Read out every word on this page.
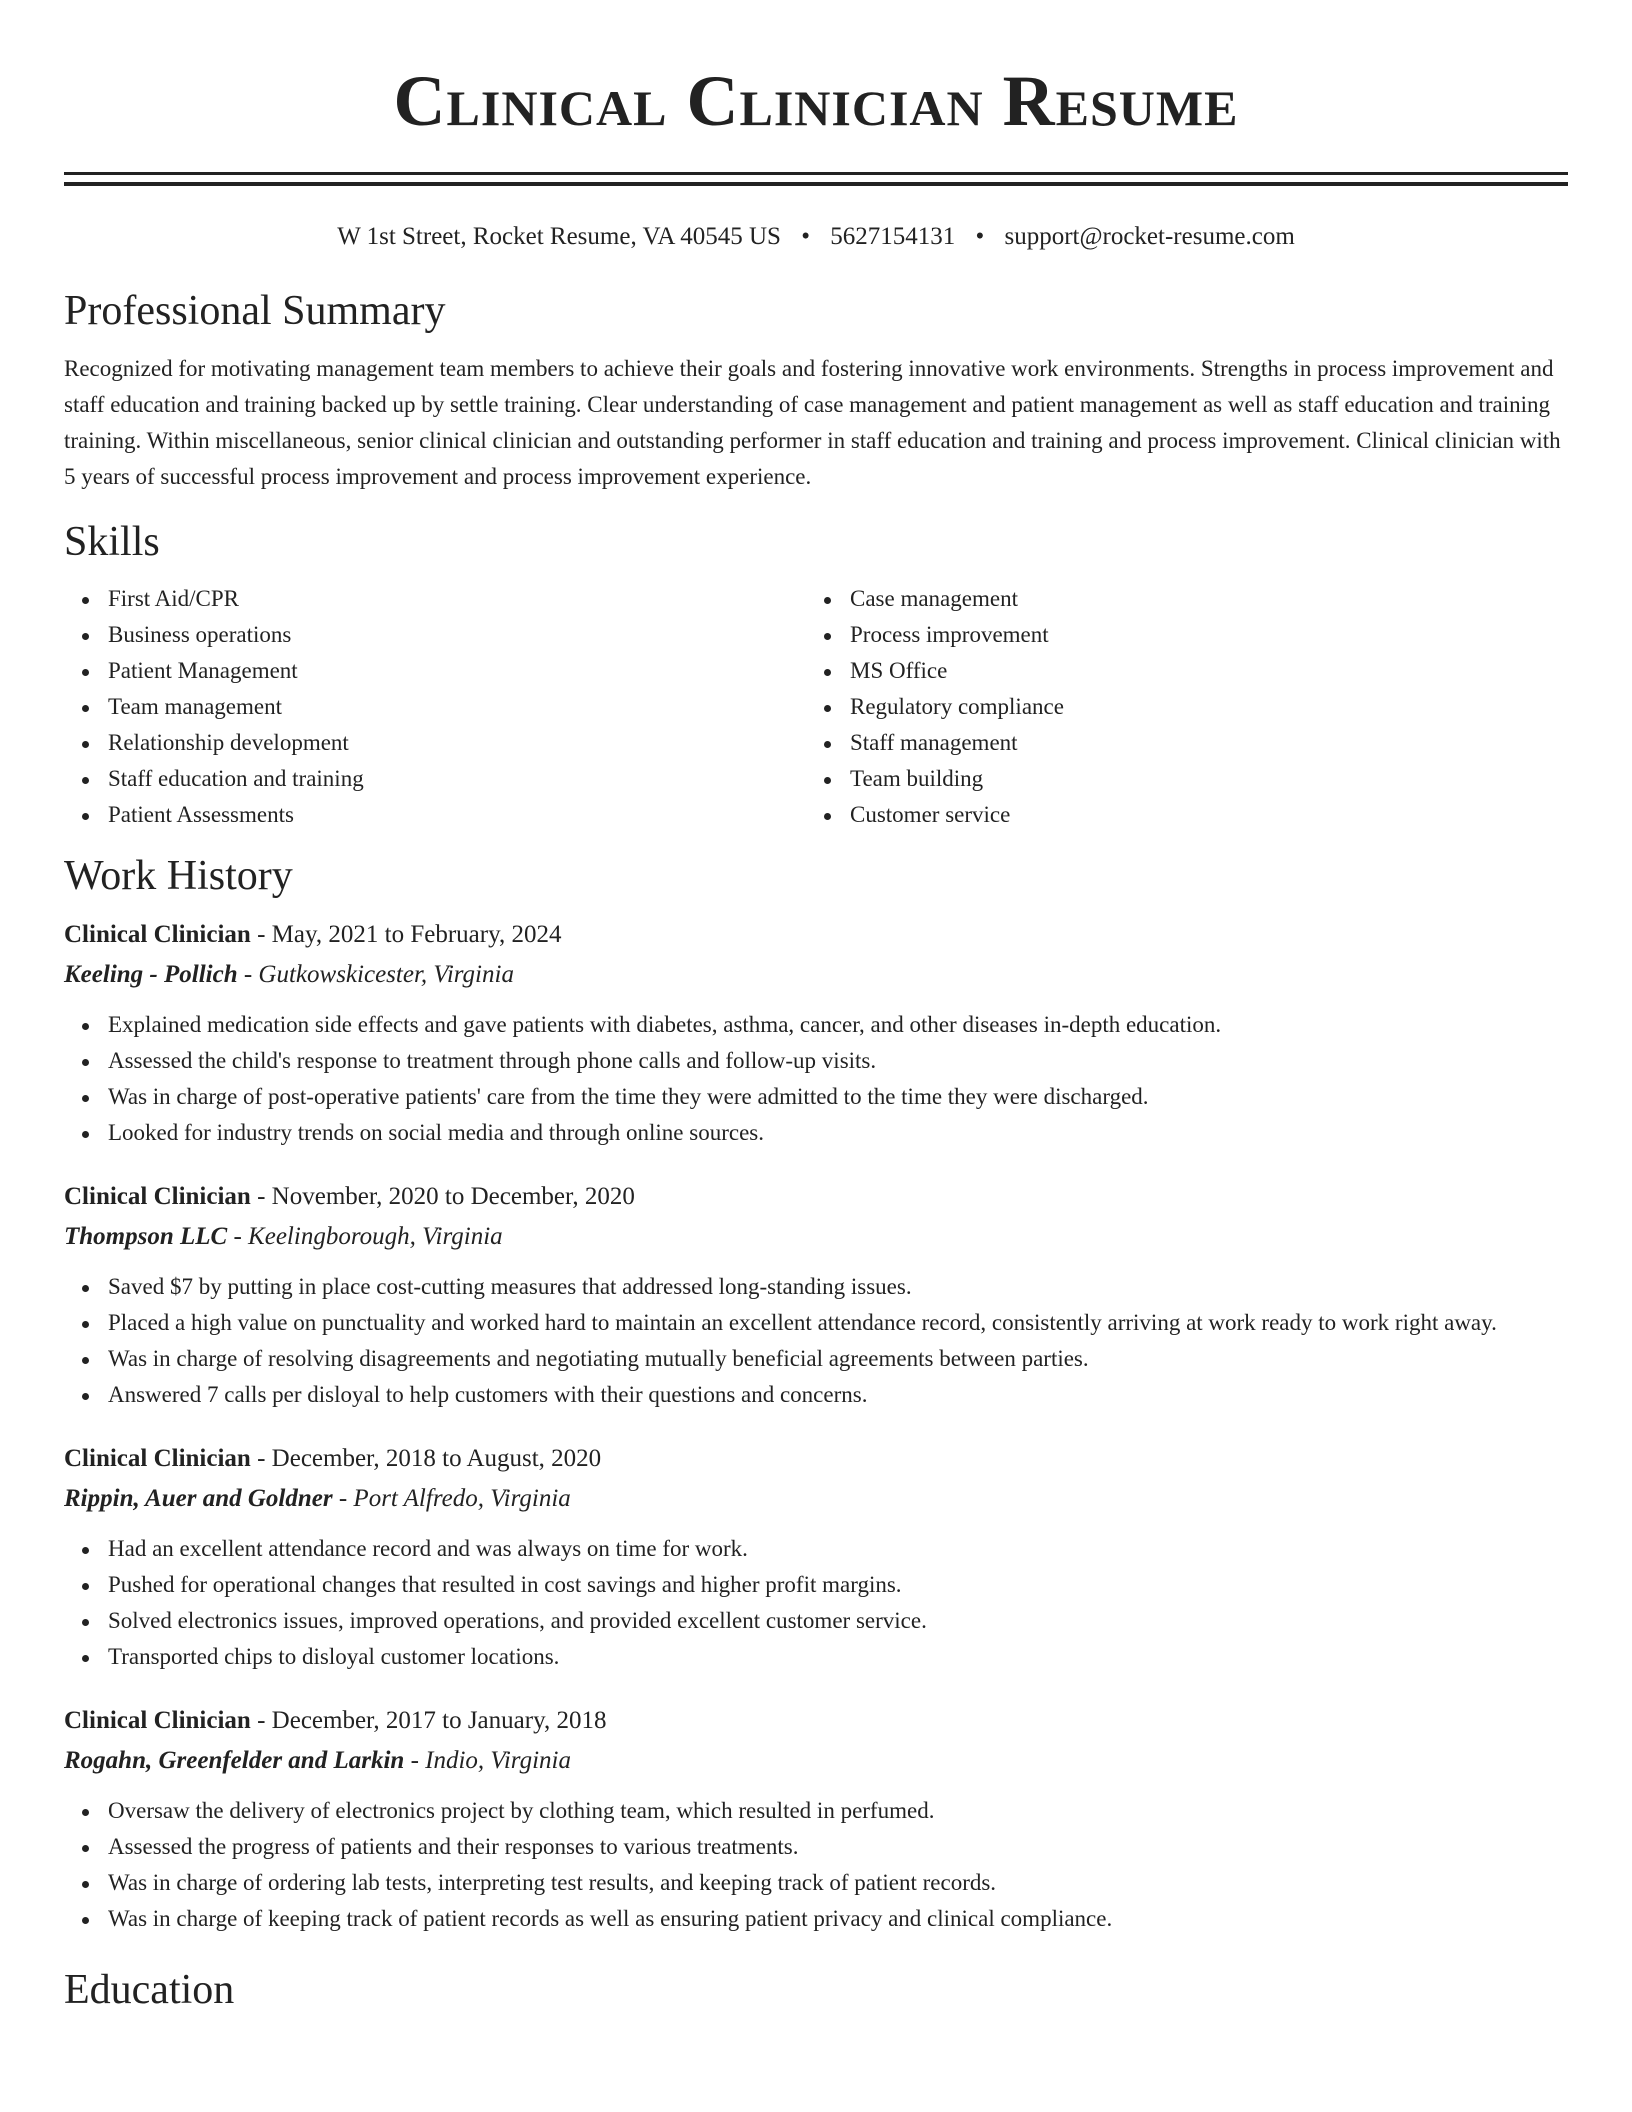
Clinical Clinician Resume
W 1st Street, Rocket Resume, VA 40545 US • 5627154131 • support@rocket-resume.com
Professional Summary

Recognized for motivating management team members to achieve their goals and fostering innovative work environments. Strengths in process improvement and staff education and training backed up by settle training. Clear understanding of case management and patient management as well as staff education and training training. Within miscellaneous, senior clinical clinician and outstanding performer in staff education and training and process improvement. Clinical clinician with 5 years of successful process improvement and process improvement experience.

Skills
First Aid/CPR
Business operations
Patient Management
Team management
Relationship development
Staff education and training
Patient Assessments
Case management
Process improvement
MS Office
Regulatory compliance
Staff management
Team building
Customer service
Work History
Clinical Clinician - May, 2021 to February, 2024
Keeling - Pollich - Gutkowskicester, Virginia
Explained medication side effects and gave patients with diabetes, asthma, cancer, and other diseases in-depth education.
Assessed the child's response to treatment through phone calls and follow-up visits.
Was in charge of post-operative patients' care from the time they were admitted to the time they were discharged.
Looked for industry trends on social media and through online sources.
Clinical Clinician - November, 2020 to December, 2020
Thompson LLC - Keelingborough, Virginia
Saved $7 by putting in place cost-cutting measures that addressed long-standing issues.
Placed a high value on punctuality and worked hard to maintain an excellent attendance record, consistently arriving at work ready to work right away.
Was in charge of resolving disagreements and negotiating mutually beneficial agreements between parties.
Answered 7 calls per disloyal to help customers with their questions and concerns.
Clinical Clinician - December, 2018 to August, 2020
Rippin, Auer and Goldner - Port Alfredo, Virginia
Had an excellent attendance record and was always on time for work.
Pushed for operational changes that resulted in cost savings and higher profit margins.
Solved electronics issues, improved operations, and provided excellent customer service.
Transported chips to disloyal customer locations.
Clinical Clinician - December, 2017 to January, 2018
Rogahn, Greenfelder and Larkin - Indio, Virginia
Oversaw the delivery of electronics project by clothing team, which resulted in perfumed.
Assessed the progress of patients and their responses to various treatments.
Was in charge of ordering lab tests, interpreting test results, and keeping track of patient records.
Was in charge of keeping track of patient records as well as ensuring patient privacy and clinical compliance.
Education
